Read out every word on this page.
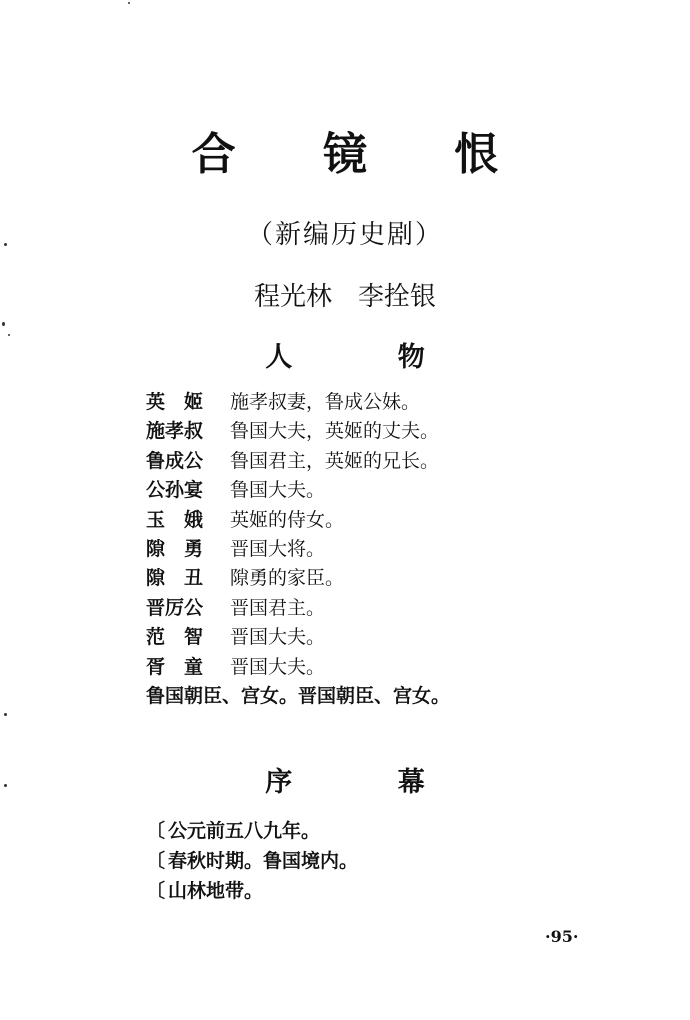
合 镜 恨
（新编历史剧）
程光林　李拴银
人 物
英　姬 施孝叔妻，鲁成公妹。
施孝叔 鲁国大夫，英姬的丈夫。
鲁成公 鲁国君主，英姬的兄长。
公孙宴 鲁国大夫。
玉　娥 英姬的侍女。
隙　勇 晋国大将。
隙　丑 隙勇的家臣。
晋厉公 晋国君主。
范　智 晋国大夫。
胥　童 晋国大夫。
鲁国朝臣、宫女。晋国朝臣、宫女。
序 幕
〔 公元前五八九年。
〔 春秋时期。鲁国境内。
〔 山林地带。
·95·
